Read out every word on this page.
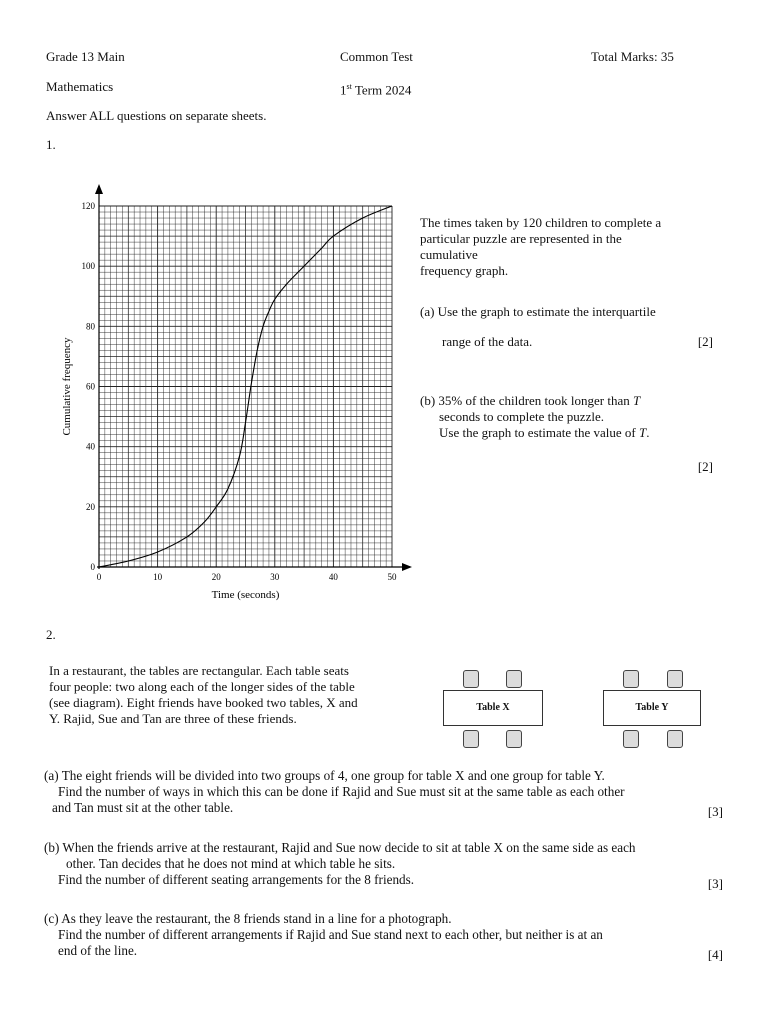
Grade 13 Main	Common Test	Total Marks: 35
Mathematics	1st Term 2024
Answer ALL questions on separate sheets.
1.
0	10	20	30	40	50
0
20
40
60
80
100
120
Time (seconds)
Cumulative frequency
The times taken by 120 children to complete a
particular puzzle are represented in the
cumulative
frequency graph.
(a) Use the graph to estimate the interquartile
range of the data.	[2]
(b) 35% of the children took longer than T
seconds to complete the puzzle.
Use the graph to estimate the value of T.
[2]
2.
In a restaurant, the tables are rectangular. Each table seats
four people: two along each of the longer sides of the table
(see diagram). Eight friends have booked two tables, X and
Y. Rajid, Sue and Tan are three of these friends.
Table X	Table Y
(a) The eight friends will be divided into two groups of 4, one group for table X and one group for table Y.
Find the number of ways in which this can be done if Rajid and Sue must sit at the same table as each other
and Tan must sit at the other table.	[3]
(b) When the friends arrive at the restaurant, Rajid and Sue now decide to sit at table X on the same side as each
other. Tan decides that he does not mind at which table he sits.
Find the number of different seating arrangements for the 8 friends.	[3]
(c) As they leave the restaurant, the 8 friends stand in a line for a photograph.
Find the number of different arrangements if Rajid and Sue stand next to each other, but neither is at an
end of the line.	[4]
